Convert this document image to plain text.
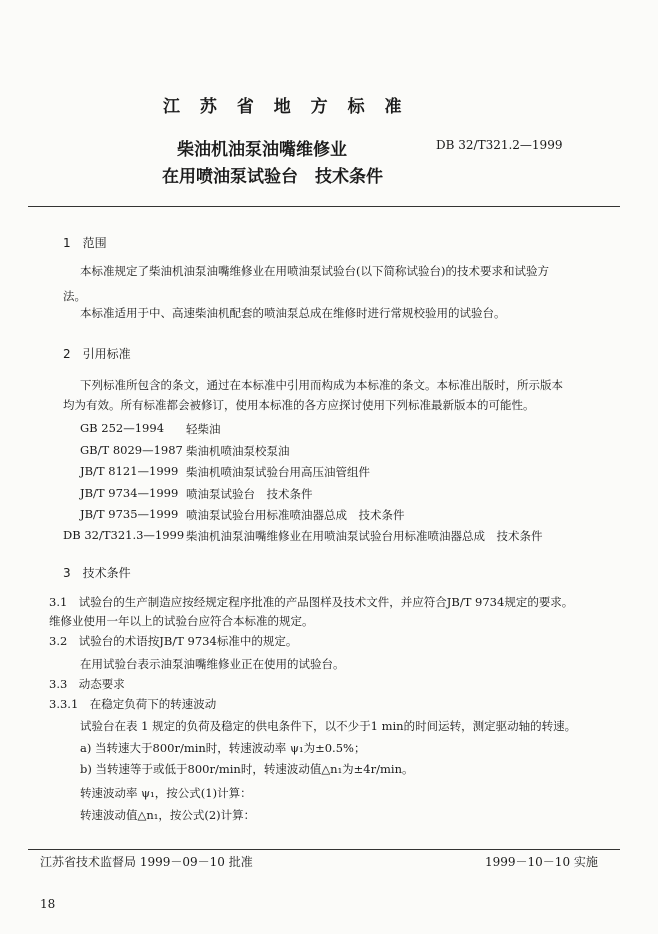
江 苏 省 地 方 标 准
柴油机油泵油嘴维修业
在用喷油泵试验台　技术条件
DB 32/T321.2—1999
1　范围
本标准规定了柴油机油泵油嘴维修业在用喷油泵试验台(以下简称试验台)的技术要求和试验方
法。
本标准适用于中、高速柴油机配套的喷油泵总成在维修时进行常规校验用的试验台。
2　引用标准
下列标准所包含的条文，通过在本标准中引用而构成为本标准的条文。本标准出版时，所示版本
均为有效。所有标准都会被修订，使用本标准的各方应探讨使用下列标准最新版本的可能性。
GB 252—1994 轻柴油
GB/T 8029—1987 柴油机喷油泵校泵油
JB/T 8121—1999 柴油机喷油泵试验台用高压油管组件
JB/T 9734—1999 喷油泵试验台　技术条件
JB/T 9735—1999 喷油泵试验台用标准喷油器总成　技术条件
DB 32/T321.3—1999 柴油机油泵油嘴维修业在用喷油泵试验台用标准喷油器总成　技术条件
3　技术条件
3.1　试验台的生产制造应按经规定程序批准的产品图样及技术文件，并应符合JB/T 9734规定的要求。
维修业使用一年以上的试验台应符合本标准的规定。
3.2　试验台的术语按JB/T 9734标准中的规定。
在用试验台表示油泵油嘴维修业正在使用的试验台。
3.3　动态要求
3.3.1　在稳定负荷下的转速波动
试验台在表 1 规定的负荷及稳定的供电条件下，以不少于1 min的时间运转，测定驱动轴的转速。
a) 当转速大于800r/min时，转速波动率 ψ₁为±0.5%；
b) 当转速等于或低于800r/min时，转速波动值△n₁为±4r/min。
转速波动率 ψ₁，按公式(1)计算：
转速波动值△n₁，按公式(2)计算：
江苏省技术监督局 1999－09－10 批准	1999－10－10 实施
18
